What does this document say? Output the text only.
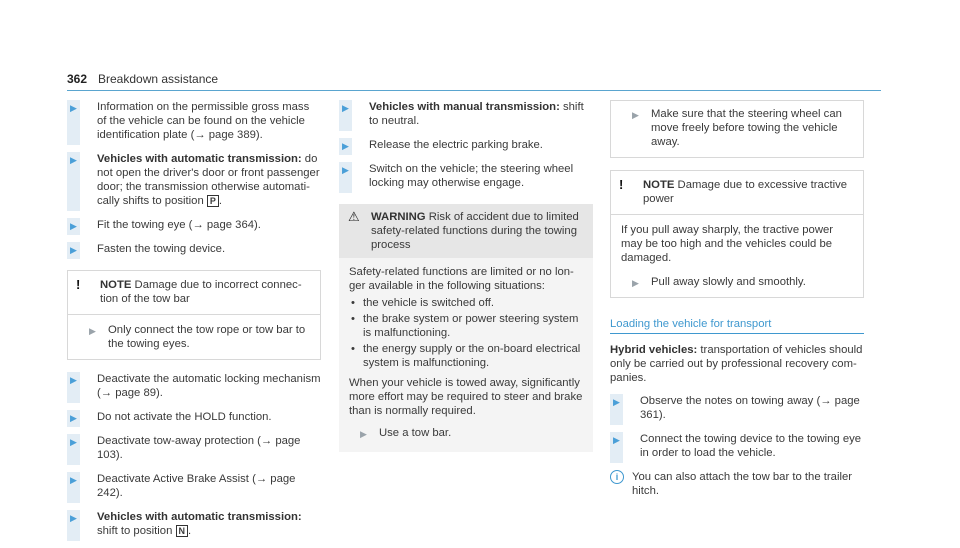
362 Breakdown assistance
▶ Information on the permissible gross mass of the vehicle can be found on the vehicle identification plate (→ page 389).
▶ Vehicles with automatic transmission: do not open the driver's door or front passenger door; the transmission otherwise automatically shifts to position P .
▶ Fit the towing eye (→ page 364).
▶ Fasten the towing device.
! NOTE Damage due to incorrect connection of the tow bar
▶ Only connect the tow rope or tow bar to the towing eyes.
▶ Deactivate the automatic locking mechanism (→ page 89).
▶ Do not activate the HOLD function.
▶ Deactivate tow-away protection (→ page 103).
▶ Deactivate Active Brake Assist (→ page 242).
▶ Vehicles with automatic transmission: shift to position N .
▶ Vehicles with manual transmission: shift to neutral.
▶ Release the electric parking brake.
▶ Switch on the vehicle; the steering wheel locking may otherwise engage.
⚠ WARNING Risk of accident due to limited safety-related functions during the towing process

Safety-related functions are limited or no longer available in the following situations:

• the vehicle is switched off.
• the brake system or power steering system is malfunctioning.
• the energy supply or the on-board electrical system is malfunctioning.

When your vehicle is towed away, significantly more effort may be required to steer and brake than is normally required.

▶ Use a tow bar.
▶ Make sure that the steering wheel can move freely before towing the vehicle away.
! NOTE Damage due to excessive tractive power

If you pull away sharply, the tractive power may be too high and the vehicles could be damaged.

▶ Pull away slowly and smoothly.
Loading the vehicle for transport

Hybrid vehicles: transportation of vehicles should only be carried out by professional recovery companies.

▶ Observe the notes on towing away (→ page 361).
▶ Connect the towing device to the towing eye in order to load the vehicle.
i	You can also attach the tow bar to the trailer hitch.
